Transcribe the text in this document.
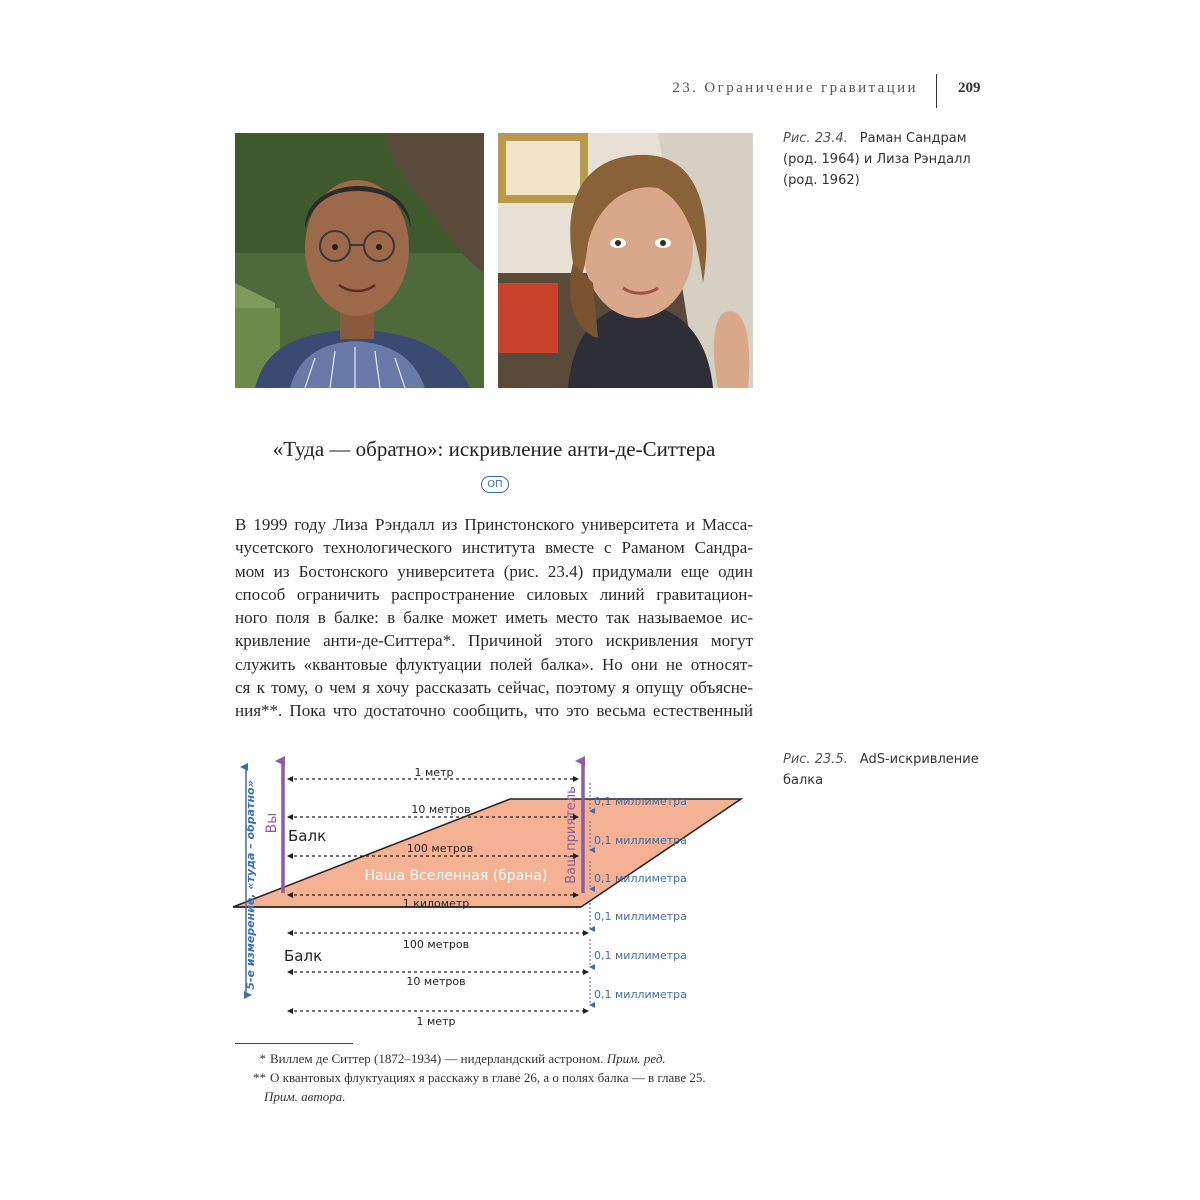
23. Ограничение гравитации	209
Рис. 23.4. Раман Сандрам (род. 1964) и Лиза Рэндалл (род. 1962)
Рис. 23.5. AdS-искривление балка
«Туда — обратно»: искривление анти-де-Ситтера
ОП
В 1999 году Лиза Рэндалл из Принстонского университета и Масса-
чусетского технологического института вместе с Раманом Сандра-
мом из Бостонского университета (рис. 23.4) придумали еще один
способ ограничить распространение силовых линий гравитацион-
ного поля в балке: в балке может иметь место так называемое ис-
кривление анти-де-Ситтера*. Причиной этого искривления могут
служить «квантовые флуктуации полей балка». Но они не относят-
ся к тому, о чем я хочу рассказать сейчас, поэтому я опущу объясне-
ния**. Пока что достаточно сообщить, что это весьма естественный
5-е измерение, «туда – обратно» Вы	Ваш приятель
1 метр
10 метров
100 метров
1 километр
100 метров
10 метров
1 метр
Балк
Наша Вселенная (брана)
Балк
0,1 миллиметра
0,1 миллиметра
0,1 миллиметра
0,1 миллиметра
0,1 миллиметра
0,1 миллиметра
* Виллем де Ситтер (1872–1934) — нидерландский астроном. Прим. ред.
** О квантовых флуктуациях я расскажу в главе 26, а о полях балка — в главе 25.
Прим. автора.
